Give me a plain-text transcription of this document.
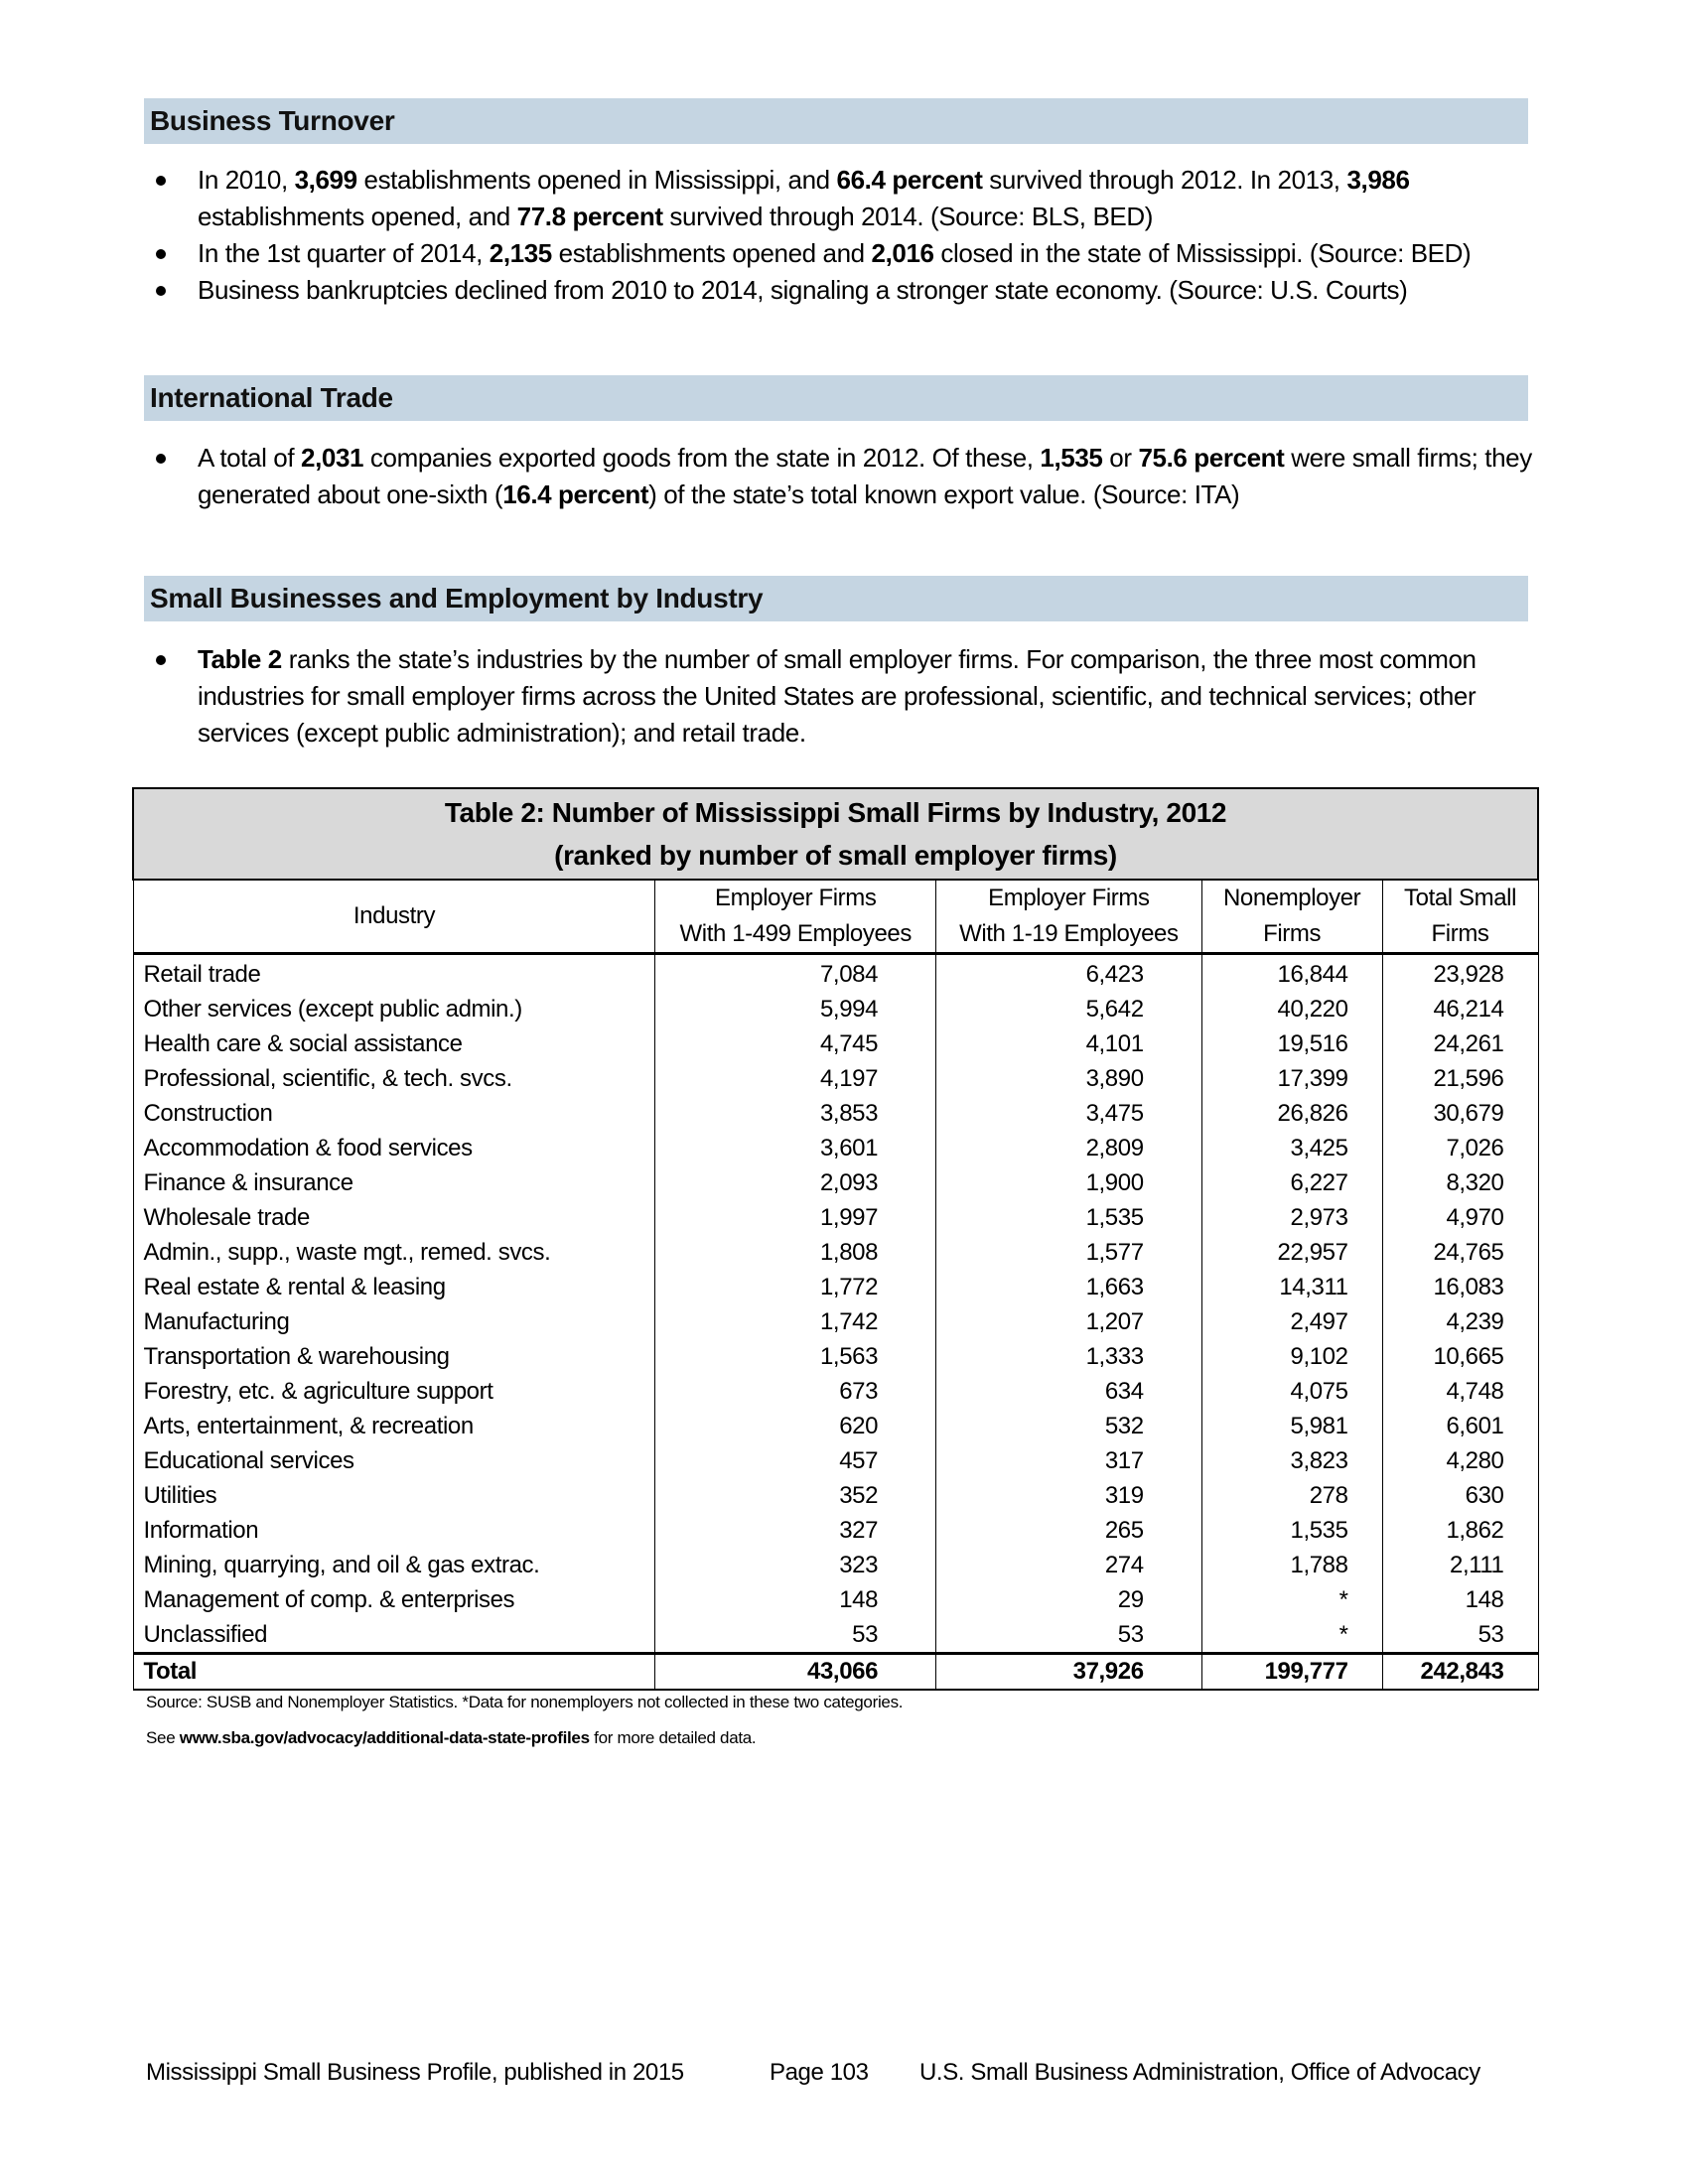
Business Turnover
In 2010, 3,699 establishments opened in Mississippi, and 66.4 percent survived through 2012. In 2013, 3,986 establishments opened, and 77.8 percent survived through 2014. (Source: BLS, BED)
In the 1st quarter of 2014, 2,135 establishments opened and 2,016 closed in the state of Mississippi. (Source: BED)
Business bankruptcies declined from 2010 to 2014, signaling a stronger state economy. (Source: U.S. Courts)
International Trade
A total of 2,031 companies exported goods from the state in 2012. Of these, 1,535 or 75.6 percent were small firms; they generated about one-sixth (16.4 percent) of the state’s total known export value. (Source: ITA)
Small Businesses and Employment by Industry
Table 2 ranks the state’s industries by the number of small employer firms. For comparison, the three most common industries for small employer firms across the United States are professional, scientific, and technical services; other services (except public administration); and retail trade.
Table 2: Number of Mississippi Small Firms by Industry, 2012
(ranked by number of small employer firms)				

Industry	
Employer Firms
With 1-499 Employees

Employer Firms
With 1-19 Employees

Nonemployer
Firms

Total Small
Firms

Retail trade	7,084	6,423	16,844	23,928
Other services (except public admin.)	5,994	5,642	40,220	46,214
Health care & social assistance	4,745	4,101	19,516	24,261
Professional, scientific, & tech. svcs.	4,197	3,890	17,399	21,596
Construction	3,853	3,475	26,826	30,679
Accommodation & food services	3,601	2,809	3,425	7,026
Finance & insurance	2,093	1,900	6,227	8,320
Wholesale trade	1,997	1,535	2,973	4,970
Admin., supp., waste mgt., remed. svcs.	1,808	1,577	22,957	24,765
Real estate & rental & leasing	1,772	1,663	14,311	16,083
Manufacturing	1,742	1,207	2,497	4,239
Transportation & warehousing	1,563	1,333	9,102	10,665
Forestry, etc. & agriculture support	673	634	4,075	4,748
Arts, entertainment, & recreation	620	532	5,981	6,601
Educational services	457	317	3,823	4,280
Utilities	352	319	278	630
Information	327	265	1,535	1,862
Mining, quarrying, and oil & gas extrac.	323	274	1,788	2,111
Management of comp. & enterprises	148	29	*	148
Unclassified	53	53	*	53
Total	43,066	37,926	199,777	242,843
Source: SUSB and Nonemployer Statistics. *Data for nonemployers not collected in these two categories.
See www.sba.gov/advocacy/additional-data-state-profiles for more detailed data.
Mississippi Small Business Profile, published in 2015	Page 103 U.S. Small Business Administration, Office of Advocacy
